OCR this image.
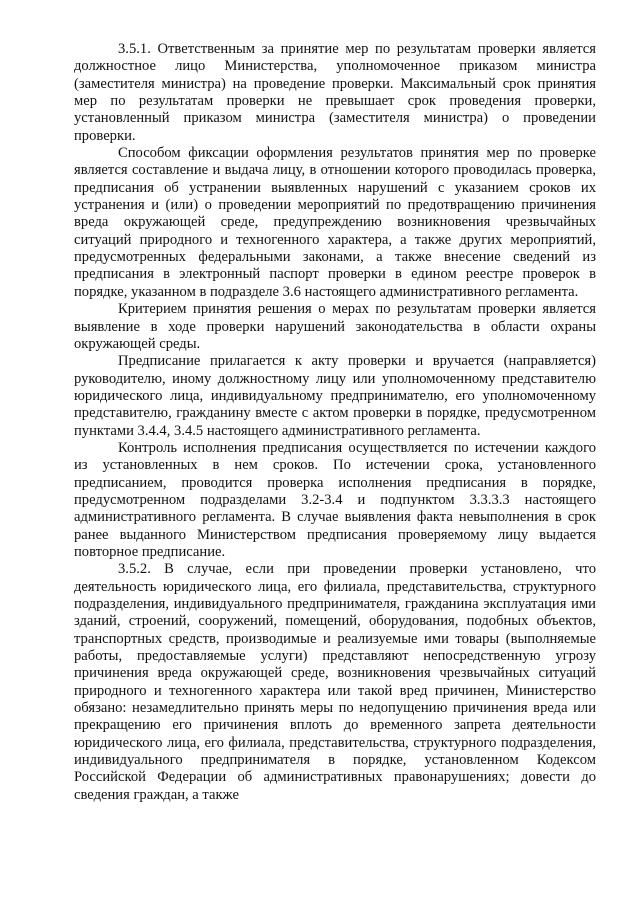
3.5.1. Ответственным за принятие мер по результатам проверки является должностное лицо Министерства, уполномоченное приказом министра (заместителя министра) на проведение проверки. Максимальный срок принятия мер по результатам проверки не превышает срок проведения проверки, установленный приказом министра (заместителя министра) о проведении проверки.

Способом фиксации оформления результатов принятия мер по проверке является составление и выдача лицу, в отношении которого проводилась проверка, предписания об устранении выявленных нарушений с указанием сроков их устранения и (или) о проведении мероприятий по предотвращению причинения вреда окружающей среде, предупреждению возникновения чрезвычайных ситуаций природного и техногенного характера, а также других мероприятий, предусмотренных федеральными законами, а также внесение сведений из предписания в электронный паспорт проверки в едином реестре проверок в порядке, указанном в подразделе 3.6 настоящего административного регламента.

Критерием принятия решения о мерах по результатам проверки является выявление в ходе проверки нарушений законодательства в области охраны окружающей среды.

Предписание прилагается к акту проверки и вручается (направляется) руководителю, иному должностному лицу или уполномоченному представителю юридического лица, индивидуальному предпринимателю, его уполномоченному представителю, гражданину вместе с актом проверки в порядке, предусмотренном пунктами 3.4.4, 3.4.5 настоящего административного регламента.

Контроль исполнения предписания осуществляется по истечении каждого из установленных в нем сроков. По истечении срока, установленного предписанием, проводится проверка исполнения предписания в порядке, предусмотренном подразделами 3.2-3.4 и подпунктом 3.3.3.3 настоящего административного регламента. В случае выявления факта невыполнения в срок ранее выданного Министерством предписания проверяемому лицу выдается повторное предписание.

3.5.2. В случае, если при проведении проверки установлено, что деятельность юридического лица, его филиала, представительства, структурного подразделения, индивидуального предпринимателя, гражданина эксплуатация ими зданий, строений, сооружений, помещений, оборудования, подобных объектов, транспортных средств, производимые и реализуемые ими товары (выполняемые работы, предоставляемые услуги) представляют непосредственную угрозу причинения вреда окружающей среде, возникновения чрезвычайных ситуаций природного и техногенного характера или такой вред причинен, Министерство обязано: незамедлительно принять меры по недопущению причинения вреда или прекращению его причинения вплоть до временного запрета деятельности юридического лица, его филиала, представительства, структурного подразделения, индивидуального предпринимателя в порядке, установленном Кодексом Российской Федерации об административных правонарушениях; довести до сведения граждан, а также
